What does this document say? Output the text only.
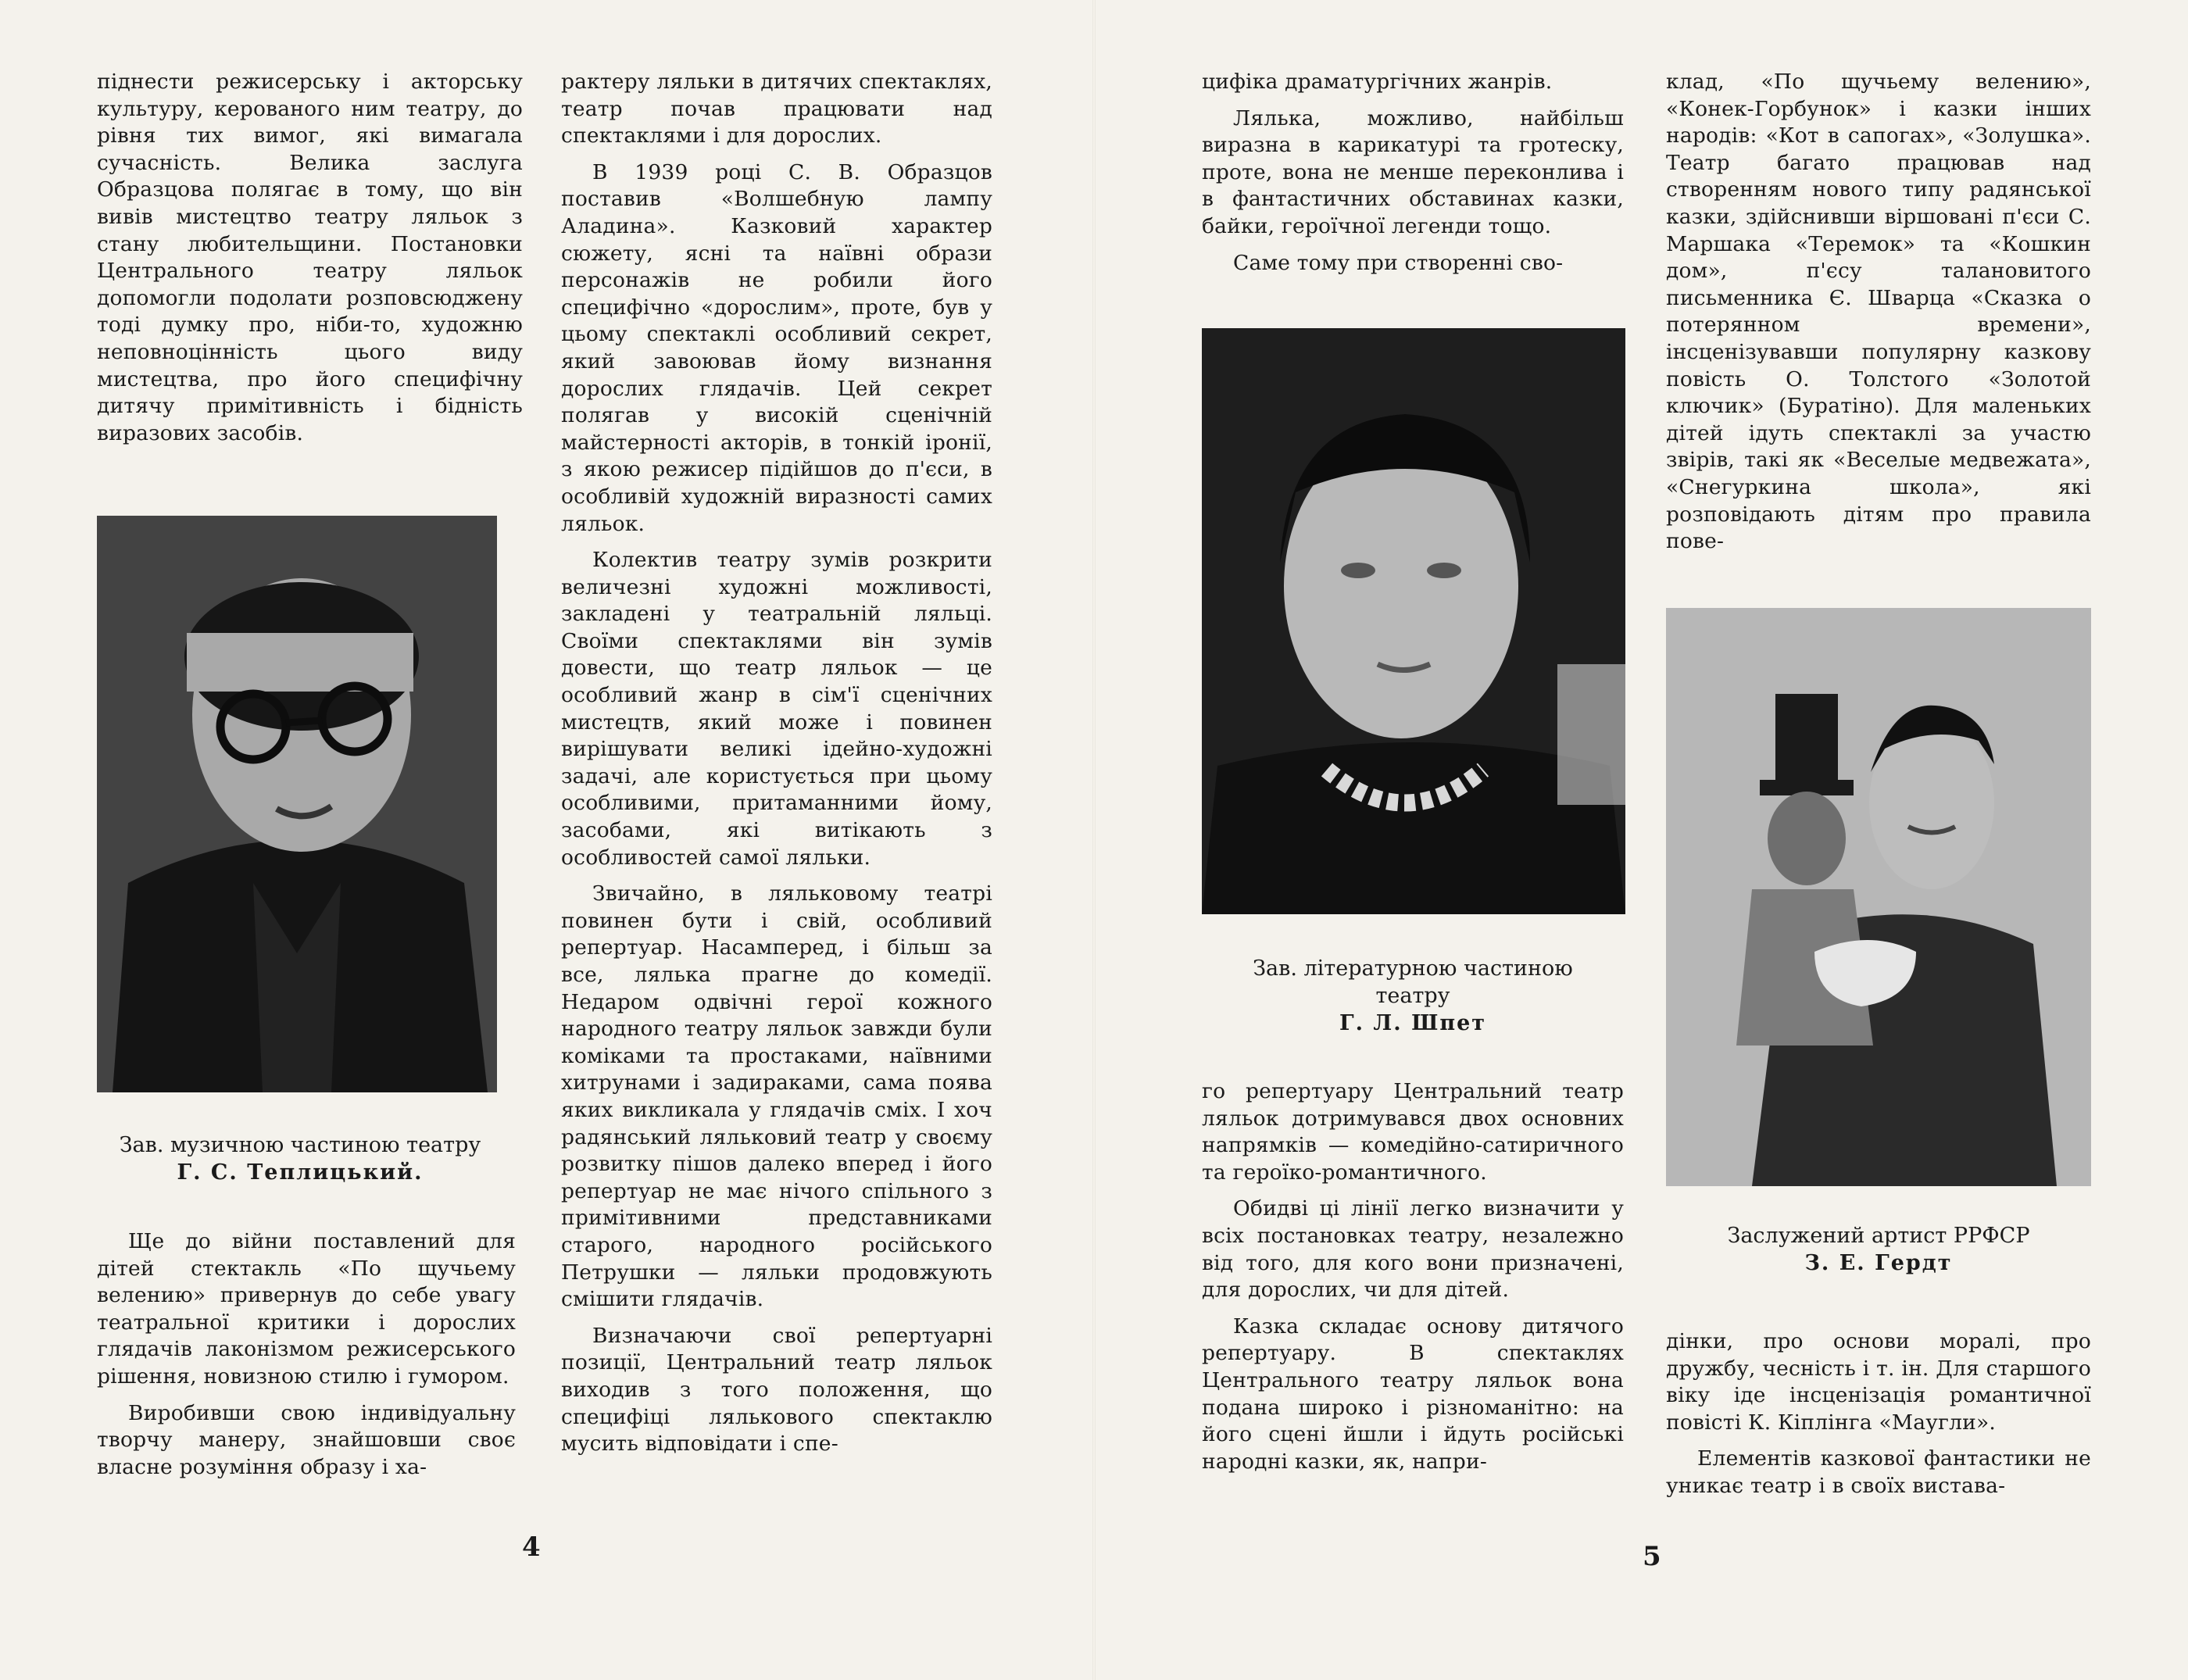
піднести режисерську і акторську культуру, керованого ним театру, до рівня тих вимог, які вимагала сучасність. Велика заслуга Образцова полягає в тому, що він вивів мистецтво театру ляльок з стану любительщини. Постановки Центрального театру ляльок допомогли подолати розповсюджену тоді думку про, ніби-то, художню неповноцінність цього виду мистецтва, про його специфічну дитячу примітивність і бідність виразових засобів.

Зав. музичною частиною театру
Г. С. Теплицький.

Ще до війни поставлений для дітей стектакль «По щучьему велению» привернув до себе увагу театральної критики і дорослих глядачів лаконізмом режисерського рішення, новизною стилю і гумором.

Виробивши свою індивідуальну творчу манеру, знайшовши своє власне розуміння образу і ха-

рактеру ляльки в дитячих спектаклях, театр почав працювати над спектаклями і для дорослих.

В 1939 році С. В. Образцов поставив «Волшебную лампу Аладина». Казковий характер сюжету, ясні та наївні образи персонажів не робили його специфічно «дорослим», проте, був у цьому спектаклі особливий секрет, який завоював йому визнання дорослих глядачів. Цей секрет полягав у високій сценічній майстерності акторів, в тонкій іронії, з якою режисер підійшов до п'єси, в особливій художній виразності самих ляльок.

Колектив театру зумів розкрити величезні художні можливості, закладені у театральній ляльці. Своїми спектаклями він зумів довести, що театр ляльок — це особливий жанр в сім'ї сценічних мистецтв, який може і повинен вирішувати великі ідейно-художні задачі, але користується при цьому особливими, притаманними йому, засобами, які витікають з особливостей самої ляльки.

Звичайно, в ляльковому театрі повинен бути і свій, особливий репертуар. Насамперед, і більш за все, лялька прагне до комедії. Недаром одвічні герої кожного народного театру ляльок завжди були коміками та простаками, наївними хитрунами і задираками, сама поява яких викликала у глядачів сміх. І хоч радянський ляльковий театр у своєму розвитку пішов далеко вперед і його репертуар не має нічого спільного з примітивними представниками старого, народного російського Петрушки — ляльки продовжують смішити глядачів.

Визначаючи свої репертуарні позиції, Центральний театр ляльок виходив з того положення, що специфіці лялькового спектаклю мусить відповідати і спе-

4

цифіка драматургічних жанрів.

Лялька, можливо, найбільш виразна в карикатурі та гротеску, проте, вона не менше переконлива і в фантастичних обставинах казки, байки, героїчної легенди тощо.

Саме тому при створенні сво-

Зав. літературною частиною
театру
Г. Л. Шпет

го репертуару Центральний театр ляльок дотримувався двох основних напрямків — комедійно-сатиричного та героїко-романтичного.

Обидві ці лінії легко визначити у всіх постановках театру, незалежно від того, для кого вони призначені, для дорослих, чи для дітей.

Казка складає основу дитячого репертуару. В спектаклях Центрального театру ляльок вона подана широко і різноманітно: на його сцені йшли і йдуть російські народні казки, як, напри-

клад, «По щучьему велению», «Конек-Горбунок» і казки інших народів: «Кот в сапогах», «Золушка». Театр багато працював над створенням нового типу радянської казки, здійснивши віршовані п'єси С. Маршака «Теремок» та «Кошкин дом», п'єсу талановитого письменника Є. Шварца «Сказка о потерянном времени», інсценізувавши популярну казкову повість О. Толстого «Золотой ключик» (Буратіно). Для маленьких дітей ідуть спектаклі за участю звірів, такі як «Веселые медвежата», «Снегуркина школа», які розповідають дітям про правила пове-

Заслужений артист РРФСР
З. Е. Гердт

дінки, про основи моралі, про дружбу, чесність і т. ін. Для старшого віку іде інсценізація романтичної повісті К. Кіплінга «Маугли».

Елементів казкової фантастики не уникає театр і в своїх вистава-

5
